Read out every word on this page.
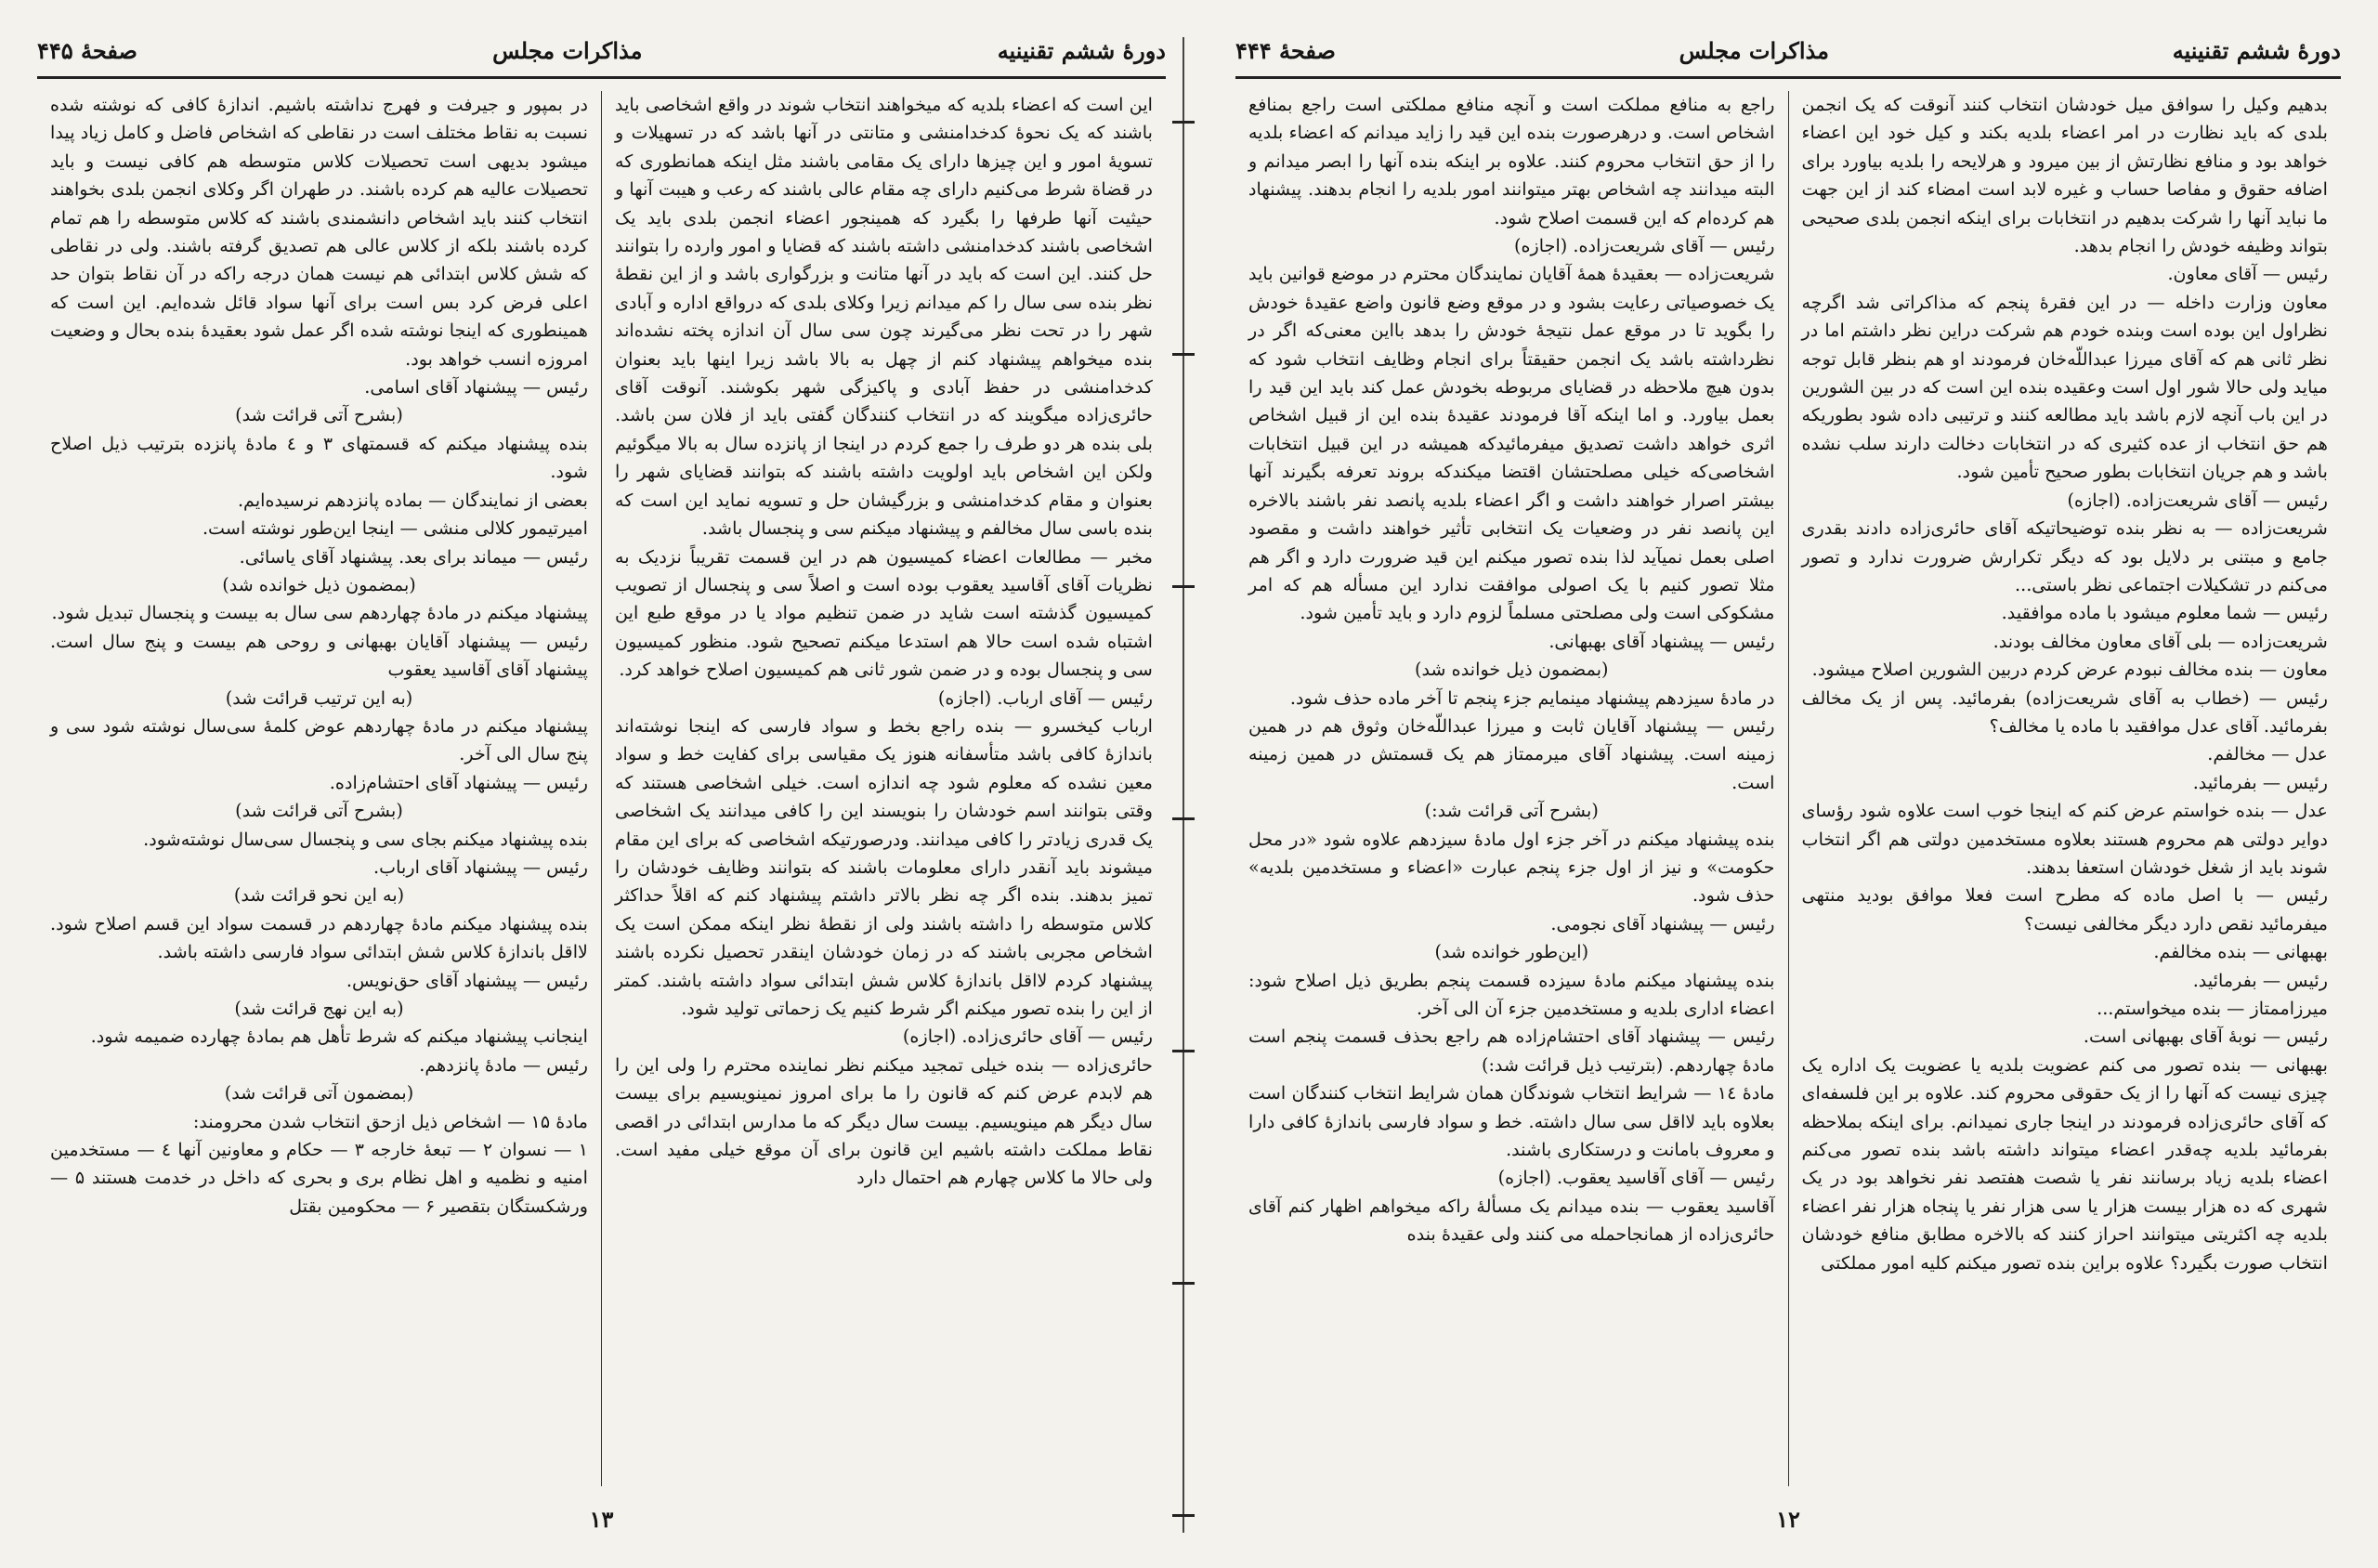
دورهٔ ششم تقنینیه
مذاکرات مجلس
صفحهٔ ۴۴۵

این است که اعضاء بلدیه که میخواهند انتخاب شوند در واقع اشخاصی باید باشند که یک نحوهٔ کدخدامنشی و متانتی در آنها باشد که در تسهیلات و تسویهٔ امور و این چیزها دارای یک مقامی باشند مثل اینکه همانطوری که در قضاة شرط می‌کنیم دارای چه مقام عالی باشند که رعب و هیبت آنها و حیثیت آنها طرفها را بگیرد که همینجور اعضاء انجمن بلدی باید یک اشخاصی باشند کدخدامنشی داشته باشند که قضایا و امور وارده را بتوانند حل کنند. این است که باید در آنها متانت و بزرگواری باشد و از این نقطهٔ نظر بنده سی سال را کم میدانم زیرا وکلای بلدی که درواقع اداره و آبادی شهر را در تحت نظر می‌گیرند چون سی سال آن اندازه پخته نشده‌اند بنده میخواهم پیشنهاد کنم از چهل به بالا باشد زیرا اینها باید بعنوان کدخدامنشی در حفظ آبادی و پاکیزگی شهر بکوشند. آنوقت آقای حائری‌زاده میگویند که در انتخاب کنندگان گفتی باید از فلان سن باشد. بلی بنده هر دو طرف را جمع کردم در اینجا از پانزده سال به بالا میگوئیم ولکن این اشخاص باید اولویت داشته باشند که بتوانند قضایای شهر را بعنوان و مقام کدخدامنشی و بزرگیشان حل و تسویه نماید این است که بنده باسی سال مخالفم و پیشنهاد میکنم سی و پنجسال باشد.

مخبر — مطالعات اعضاء کمیسیون هم در این قسمت تقریباً نزدیک به نظریات آقای آقاسید یعقوب بوده است و اصلاً سی و پنجسال از تصویب کمیسیون گذشته است شاید در ضمن تنظیم مواد یا در موقع طبع این اشتباه شده است حالا هم استدعا میکنم تصحیح شود. منظور کمیسیون سی و پنجسال بوده و در ضمن شور ثانی هم کمیسیون اصلاح خواهد کرد.

رئیس — آقای ارباب. (اجازه)

ارباب کیخسرو — بنده راجع بخط و سواد فارسی که اینجا نوشته‌اند باندازهٔ کافی باشد متأسفانه هنوز یک مقیاسی برای کفایت خط و سواد معین نشده که معلوم شود چه اندازه است. خیلی اشخاصی هستند که وقتی بتوانند اسم خودشان را بنویسند این را کافی میدانند یک اشخاصی یک قدری زیادتر را کافی میدانند. ودرصورتیکه اشخاصی که برای این مقام میشوند باید آنقدر دارای معلومات باشند که بتوانند وظایف خودشان را تمیز بدهند. بنده اگر چه نظر بالاتر داشتم پیشنهاد کنم که اقلاً حداکثر کلاس متوسطه را داشته باشند ولی از نقطهٔ نظر اینکه ممکن است یک اشخاص مجربی باشند که در زمان خودشان اینقدر تحصیل نکرده باشند پیشنهاد کردم لااقل باندازهٔ کلاس شش ابتدائی سواد داشته باشند. کمتر از این را بنده تصور میکنم اگر شرط کنیم یک زحماتی تولید شود.

رئیس — آقای حائری‌زاده. (اجازه)

حائری‌زاده — بنده خیلی تمجید میکنم نظر نماینده محترم را ولی این را هم لابدم عرض کنم که قانون را ما برای امروز نمینویسیم برای بیست سال دیگر هم مینویسیم. بیست سال دیگر که ما مدارس ابتدائی در اقصی نقاط مملکت داشته باشیم این قانون برای آن موقع خیلی مفید است. ولی حالا ما کلاس چهارم هم احتمال دارد

در بمپور و جیرفت و فهرج نداشته باشیم. اندازهٔ کافی که نوشته شده نسبت به نقاط مختلف است در نقاطی که اشخاص فاضل و کامل زیاد پیدا میشود بدیهی است تحصیلات کلاس متوسطه هم کافی نیست و باید تحصیلات عالیه هم کرده باشند. در طهران اگر وکلای انجمن بلدی بخواهند انتخاب کنند باید اشخاص دانشمندی باشند که کلاس متوسطه را هم تمام کرده باشند بلکه از کلاس عالی هم تصدیق گرفته باشند. ولی در نقاطی که شش کلاس ابتدائی هم نیست همان درجه راکه در آن نقاط بتوان حد اعلی فرض کرد بس است برای آنها سواد قائل شده‌ایم. این است که همینطوری که اینجا نوشته شده اگر عمل شود بعقیدهٔ بنده بحال و وضعیت امروزه انسب خواهد بود.

رئیس — پیشنهاد آقای اسامی.

(بشرح آتی قرائت شد)

بنده پیشنهاد میکنم که قسمتهای ۳ و ٤ مادهٔ پانزده بترتیب ذیل اصلاح شود.

بعضی از نمایندگان — بماده پانزدهم نرسیده‌ایم.

امیرتیمور کلالی منشی — اینجا این‌طور نوشته است.

رئیس — میماند برای بعد. پیشنهاد آقای یاسائی.

(بمضمون ذیل خوانده شد)

پیشنهاد میکنم در مادهٔ چهاردهم سی سال به بیست و پنجسال تبدیل شود.

رئیس — پیشنهاد آقایان بهبهانی و روحی هم بیست و پنج سال است. پیشنهاد آقای آقاسید یعقوب

(به این ترتیب قرائت شد)

پیشنهاد میکنم در مادهٔ چهاردهم عوض کلمهٔ سی‌سال نوشته شود سی و پنج سال الی آخر.

رئیس — پیشنهاد آقای احتشام‌زاده.

(بشرح آتی قرائت شد)

بنده پیشنهاد میکنم بجای سی و پنجسال سی‌سال نوشته‌شود.

رئیس — پیشنهاد آقای ارباب.

(به این نحو قرائت شد)

بنده پیشنهاد میکنم مادهٔ چهاردهم در قسمت سواد این قسم اصلاح شود. لااقل باندازهٔ کلاس شش ابتدائی سواد فارسی داشته باشد.

رئیس — پیشنهاد آقای حق‌نویس.

(به این نهج قرائت شد)

اینجانب پیشنهاد میکنم که شرط تأهل هم بمادهٔ چهارده ضمیمه شود.

رئیس — مادهٔ پانزدهم.

(بمضمون آتی قرائت شد)

مادهٔ ۱۵ — اشخاص ذیل ازحق انتخاب شدن محرومند:

۱ — نسوان ۲ — تبعهٔ خارجه ۳ — حکام و معاونین آنها ٤ — مستخدمین امنیه و نظمیه و اهل نظام بری و بحری که داخل در خدمت هستند ۵ — ورشکستگان بتقصیر ۶ — محکومین بقتل

۱۳
دورهٔ ششم تقنینیه
مذاکرات مجلس
صفحهٔ ۴۴۴

بدهیم وکیل را سوافق میل خودشان انتخاب کنند آنوقت که یک انجمن بلدی که باید نظارت در امر اعضاء بلدیه بکند و کیل خود این اعضاء خواهد بود و منافع نظارتش از بین میرود و هرلایحه را بلدیه بیاورد برای اضافه حقوق و مفاصا حساب و غیره لابد است امضاء کند از این جهت ما نباید آنها را شرکت بدهیم در انتخابات برای اینکه انجمن بلدی صحیحی بتواند وظیفه خودش را انجام بدهد.

رئیس — آقای معاون.

معاون وزارت داخله — در این فقرهٔ پنجم که مذاکراتی شد اگرچه نظراول این بوده است وبنده خودم هم شرکت دراین نظر داشتم اما در نظر ثانی هم که آقای میرزا عبداللّه‌خان فرمودند او هم بنظر قابل توجه میاید ولی حالا شور اول است وعقیده بنده این است که در بین الشورین در این باب آنچه لازم باشد باید مطالعه کنند و ترتیبی داده شود بطوریکه هم حق انتخاب از عده کثیری که در انتخابات دخالت دارند سلب نشده باشد و هم جریان انتخابات بطور صحیح تأمین شود.

رئیس — آقای شریعت‌زاده. (اجازه)

شریعت‌زاده — به نظر بنده توضیحاتیکه آقای حائری‌زاده دادند بقدری جامع و مبتنی بر دلایل بود که دیگر تکرارش ضرورت ندارد و تصور می‌کنم در تشکیلات اجتماعی نظر باستی...

رئیس — شما معلوم میشود با ماده موافقید.

شریعت‌زاده — بلی آقای معاون مخالف بودند.

معاون — بنده مخالف نبودم عرض کردم دربین الشورین اصلاح میشود.

رئیس — (خطاب به آقای شریعت‌زاده) بفرمائید. پس از یک مخالف بفرمائید. آقای عدل موافقید با ماده یا مخالف؟

عدل — مخالفم.

رئیس — بفرمائید.

عدل — بنده خواستم عرض کنم که اینجا خوب است علاوه شود رؤسای دوایر دولتی هم محروم هستند بعلاوه مستخدمین دولتی هم اگر انتخاب شوند باید از شغل خودشان استعفا بدهند.

رئیس — با اصل ماده که مطرح است فعلا موافق بودید منتهی میفرمائید نقص دارد دیگر مخالفی نیست؟

بهبهانی — بنده مخالفم.

رئیس — بفرمائید.

میرزاممتاز — بنده میخواستم...

رئیس — نوبهٔ آقای بهبهانی است.

بهبهانی — بنده تصور می کنم عضویت بلدیه یا عضویت یک اداره یک چیزی نیست که آنها را از یک حقوقی محروم کند. علاوه بر این فلسفه‌ای که آقای حائری‌زاده فرمودند در اینجا جاری نمیدانم. برای اینکه بملاحظه بفرمائید بلدیه چه‌قدر اعضاء میتواند داشته باشد بنده تصور می‌کنم اعضاء بلدیه زیاد برسانند نفر یا شصت هفتصد نفر نخواهد بود در یک شهری که ده هزار بیست هزار یا سی هزار نفر یا پنجاه هزار نفر اعضاء بلدیه چه اکثریتی میتوانند احراز کنند که بالاخره مطابق منافع خودشان انتخاب صورت بگیرد؟ علاوه براین بنده تصور میکنم کلیه امور مملکتی

راجع به منافع مملکت است و آنچه منافع مملکتی است راجع بمنافع اشخاص است. و درهرصورت بنده این قید را زاید میدانم که اعضاء بلدیه را از حق انتخاب محروم کنند. علاوه بر اینکه بنده آنها را ابصر میدانم و البته میدانند چه اشخاص بهتر میتوانند امور بلدیه را انجام بدهند. پیشنهاد هم کرده‌ام که این قسمت اصلاح شود.

رئیس — آقای شریعت‌زاده. (اجازه)

شریعت‌زاده — بعقیدهٔ همهٔ آقایان نمایندگان محترم در موضع قوانین باید یک خصوصیاتی رعایت بشود و در موقع وضع قانون واضع عقیدهٔ خودش را بگوید تا در موقع عمل نتیجهٔ خودش را بدهد بااین معنی‌که اگر در نظرداشته باشد یک انجمن حقیقتاً برای انجام وظایف انتخاب شود که بدون هیچ ملاحظه در قضایای مربوطه بخودش عمل کند باید این قید را بعمل بیاورد. و اما اینکه آقا فرمودند عقیدهٔ بنده این از قبیل اشخاص اثری خواهد داشت تصدیق میفرمائید‌که همیشه در این قبیل انتخابات اشخاصی‌که خیلی مصلحتشان اقتضا میکند‌که بروند تعرفه بگیرند آنها بیشتر اصرار خواهند داشت و اگر اعضاء بلدیه پانصد نفر باشند بالاخره این پانصد نفر در وضعیات یک انتخابی تأثیر خواهند داشت و مقصود اصلی بعمل نمیآید لذا بنده تصور میکنم این قید ضرورت دارد و اگر هم مثلا تصور کنیم با یک اصولی موافقت ندارد این مسأله هم که امر مشکوکی است ولی مصلحتی مسلماً لزوم دارد و باید تأمین شود.

رئیس — پیشنهاد آقای بهبهانی.

(بمضمون ذیل خوانده شد)

در مادهٔ سیزدهم پیشنهاد مینمایم جزء پنجم تا آخر ماده حذف شود.

رئیس — پیشنهاد آقایان ثابت و میرزا عبداللّه‌خان وثوق هم در همین زمینه است. پیشنهاد آقای میرممتاز هم یک قسمتش در همین زمینه است.

(بشرح آتی قرائت شد:)

بنده پیشنهاد میکنم در آخر جزء اول مادهٔ سیزدهم علاوه شود «در محل حکومت» و نیز از اول جزء پنجم عبارت «اعضاء و مستخدمین بلدیه» حذف شود.

رئیس — پیشنهاد آقای نجومی.

(این‌طور خوانده شد)

بنده پیشنهاد میکنم مادهٔ سیزده قسمت پنجم بطریق ذیل اصلاح شود: اعضاء اداری بلدیه و مستخدمین جزء آن الی آخر.

رئیس — پیشنهاد آقای احتشام‌زاده هم راجع بحذف قسمت پنجم است مادهٔ چهاردهم. (بترتیب ذیل قرائت شد:)

مادهٔ ١٤ — شرایط انتخاب شوندگان همان شرایط انتخاب کنندگان است بعلاوه باید لااقل سی سال داشته. خط و سواد فارسی باندازهٔ کافی دارا و معروف بامانت و درستکاری باشند.

رئیس — آقای آقاسید یعقوب. (اجازه)

آقاسید یعقوب — بنده میدانم یک مسألهٔ راکه میخواهم اظهار کنم آقای حائری‌زاده از همانجاحمله می کنند ولی عقیدهٔ بنده

۱۲
